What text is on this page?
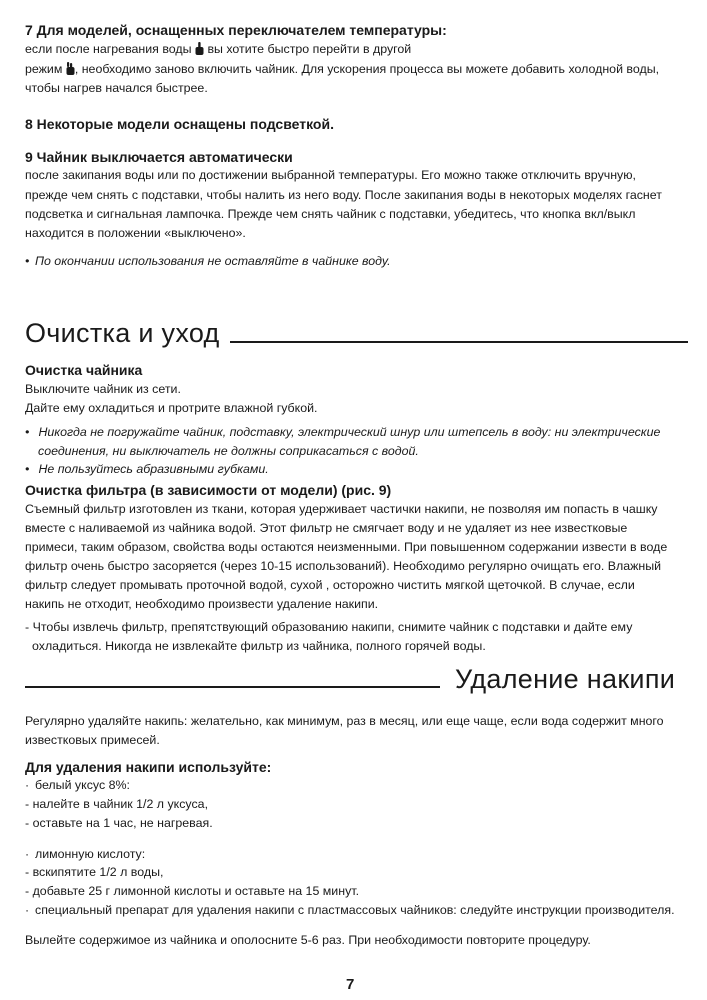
7 Для моделей, оснащенных переключателем температуры:
если после нагревания воды вы хотите быстро перейти в другой
режим , необходимо заново включить чайник. Для ускорения процесса вы можете добавить холодной воды,
чтобы нагрев начался быстрее.
8 Некоторые модели оснащены подсветкой.
9 Чайник выключается автоматически
после закипания воды или по достижении выбранной температуры. Его можно также отключить вручную,
прежде чем снять с подставки, чтобы налить из него воду. После закипания воды в некоторых моделях гаснет
подсветка и сигнальная лампочка. Прежде чем снять чайник с подставки, убедитесь, что кнопка вкл/выкл
находится в положении «выключено».
• По окончании использования не оставляйте в чайнике воду.
Очистка и уход
Очистка чайника
Выключите чайник из сети.
Дайте ему охладиться и протрите влажной губкой.
• Никогда не погружайте чайник, подставку, электрический шнур или штепсель в воду: ни электрические
соединения, ни выключатель не должны соприкасаться с водой.
• Не пользуйтесь абразивными губками.
Очистка фильтра (в зависимости от модели) (рис. 9)
Съемный фильтр изготовлен из ткани, которая удерживает частички накипи, не позволяя им попасть в чашку
вместе с наливаемой из чайника водой. Этот фильтр не смягчает воду и не удаляет из нее известковые
примеси, таким образом, свойства воды остаются неизменными. При повышенном содержании извести в воде
фильтр очень быстро засоряется (через 10-15 использований). Необходимо регулярно очищать его. Влажный
фильтр следует промывать проточной водой, сухой , осторожно чистить мягкой щеточкой. В случае, если
накипь не отходит, необходимо произвести удаление накипи.
- Чтобы извлечь фильтр, препятствующий образованию накипи, снимите чайник с подставки и дайте ему
охладиться. Никогда не извлекайте фильтр из чайника, полного горячей воды.
Удаление накипи
Регулярно удаляйте накипь: желательно, как минимум, раз в месяц, или еще чаще, если вода содержит много
известковых примесей.
Для удаления накипи используйте:
· белый уксус 8%:
- налейте в чайник 1/2 л уксуса,
- оставьте на 1 час, не нагревая.
· лимонную кислоту:
- вскипятите 1/2 л воды,
- добавьте 25 г лимонной кислоты и оставьте на 15 минут.
· специальный препарат для удаления накипи с пластмассовых чайников: следуйте инструкции производителя.
Вылейте содержимое из чайника и ополосните 5-6 раз. При необходимости повторите процедуру.
7
